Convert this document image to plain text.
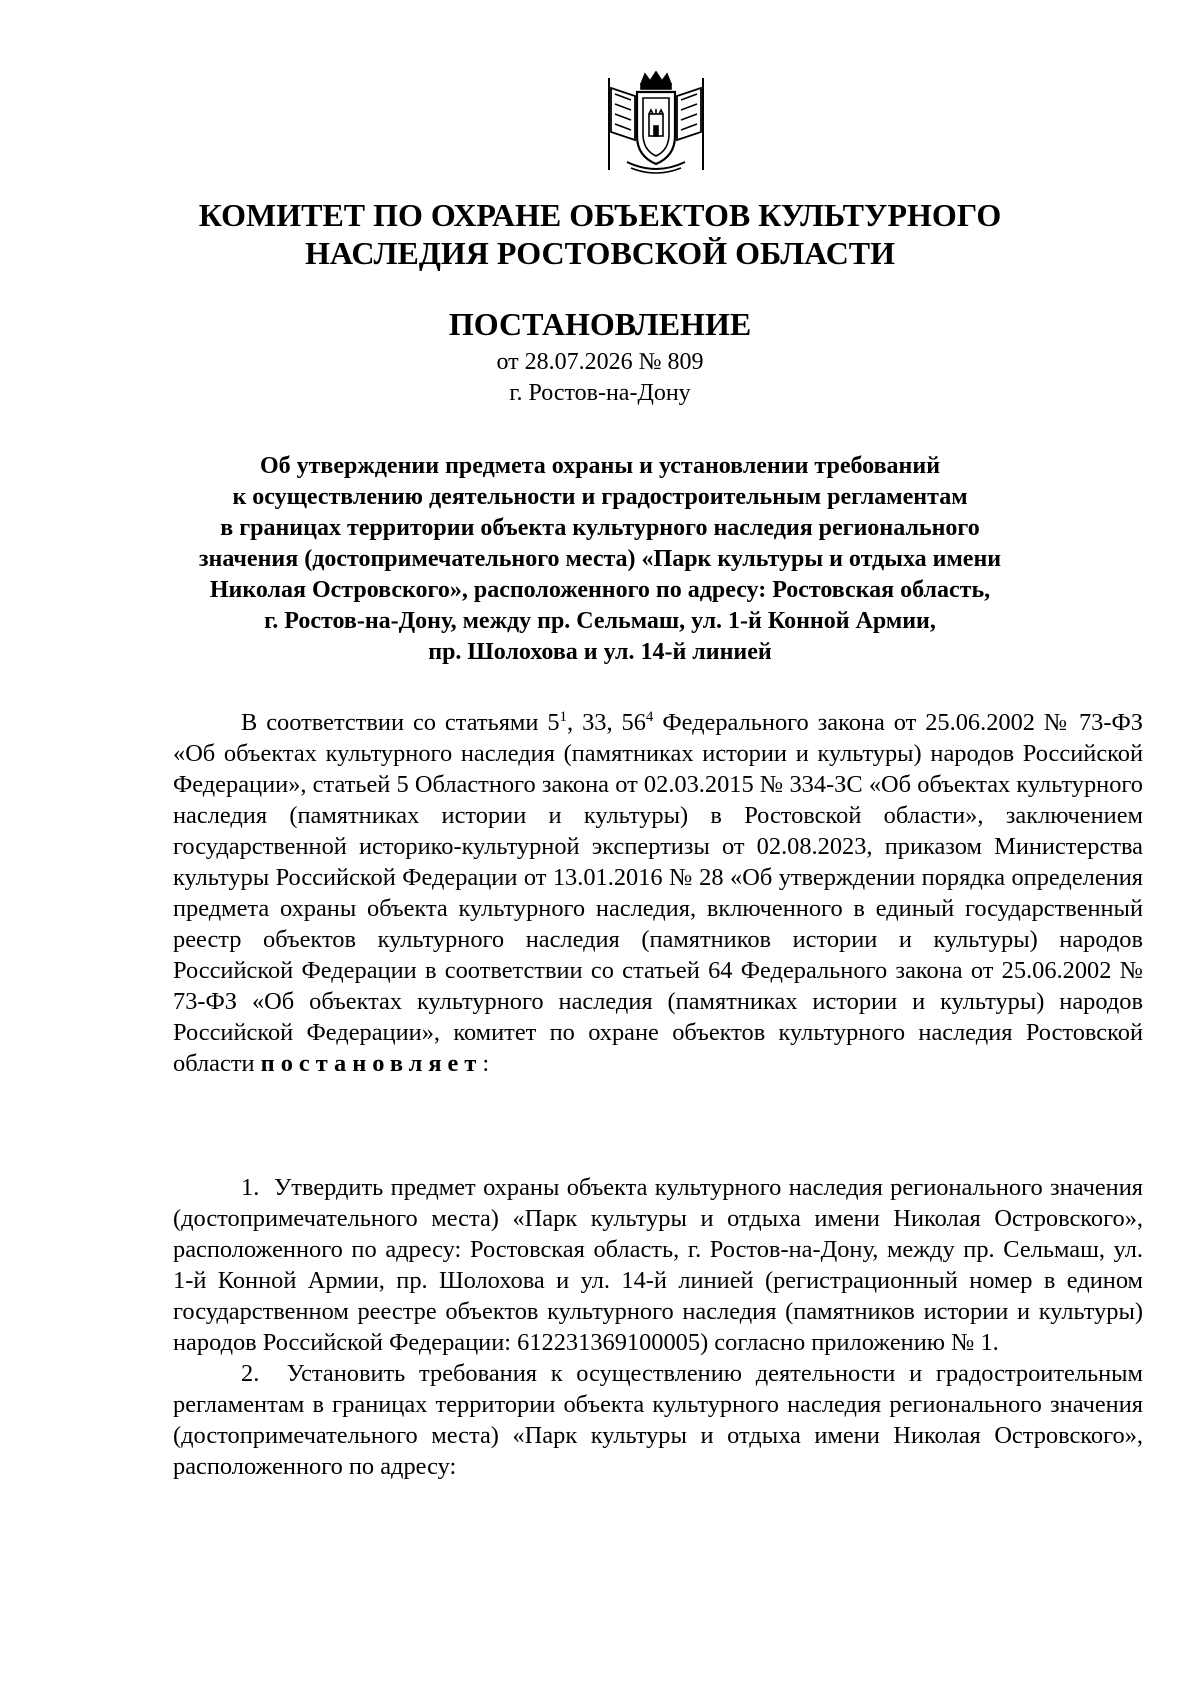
КОМИТЕТ ПО ОХРАНЕ ОБЪЕКТОВ КУЛЬТУРНОГО
НАСЛЕДИЯ РОСТОВСКОЙ ОБЛАСТИ
ПОСТАНОВЛЕНИЕ
от 28.07.2026 № 809
г. Ростов-на-Дону
Об утверждении предмета охраны и установлении требований
к осуществлению деятельности и градостроительным регламентам
в границах территории объекта культурного наследия регионального
значения (достопримечательного места) «Парк культуры и отдыха имени
Николая Островского», расположенного по адресу: Ростовская область,
г. Ростов-на-Дону, между пр. Сельмаш, ул. 1-й Конной Армии,
пр. Шолохова и ул. 14-й линией

В соответствии со статьями $5^1$, 33, $56^4$ Федерального закона от 25.06.2002 № 73-ФЗ «Об объектах культурного наследия (памятниках истории и культуры) народов Российской Федерации», статьей 5 Областного закона от 02.03.2015 № 334-ЗС «Об объектах культурного наследия (памятниках истории и культуры) в Ростовской области», заключением государственной историко-культурной экспертизы от 02.08.2023, приказом Министерства культуры Российской Федерации от 13.01.2016 № 28 «Об утверждении порядка определения предмета охраны объекта культурного наследия, включенного в единый государственный реестр объектов культурного наследия (памятников истории и культуры) народов Российской Федерации в соответствии со статьей 64 Федерального закона от 25.06.2002 № 73-ФЗ «Об объектах культурного наследия (памятниках истории и культуры) народов Российской Федерации», комитет по охране объектов культурного наследия Ростовской области постановляет:

1.  Утвердить предмет охраны объекта культурного наследия регионального значения (достопримечательного места) «Парк культуры и отдыха имени Николая Островского», расположенного по адресу: Ростовская область, г. Ростов-на-Дону, между пр. Сельмаш, ул. 1-й Конной Армии, пр. Шолохова и ул. 14-й линией (регистрационный номер в едином государственном реестре объектов культурного наследия (памятников истории и культуры) народов Российской Федерации: 612231369100005) согласно приложению № 1.

2.  Установить требования к осуществлению деятельности и градостроительным регламентам в границах территории объекта культурного наследия регионального значения (достопримечательного места) «Парк культуры и отдыха имени Николая Островского», расположенного по адресу:
